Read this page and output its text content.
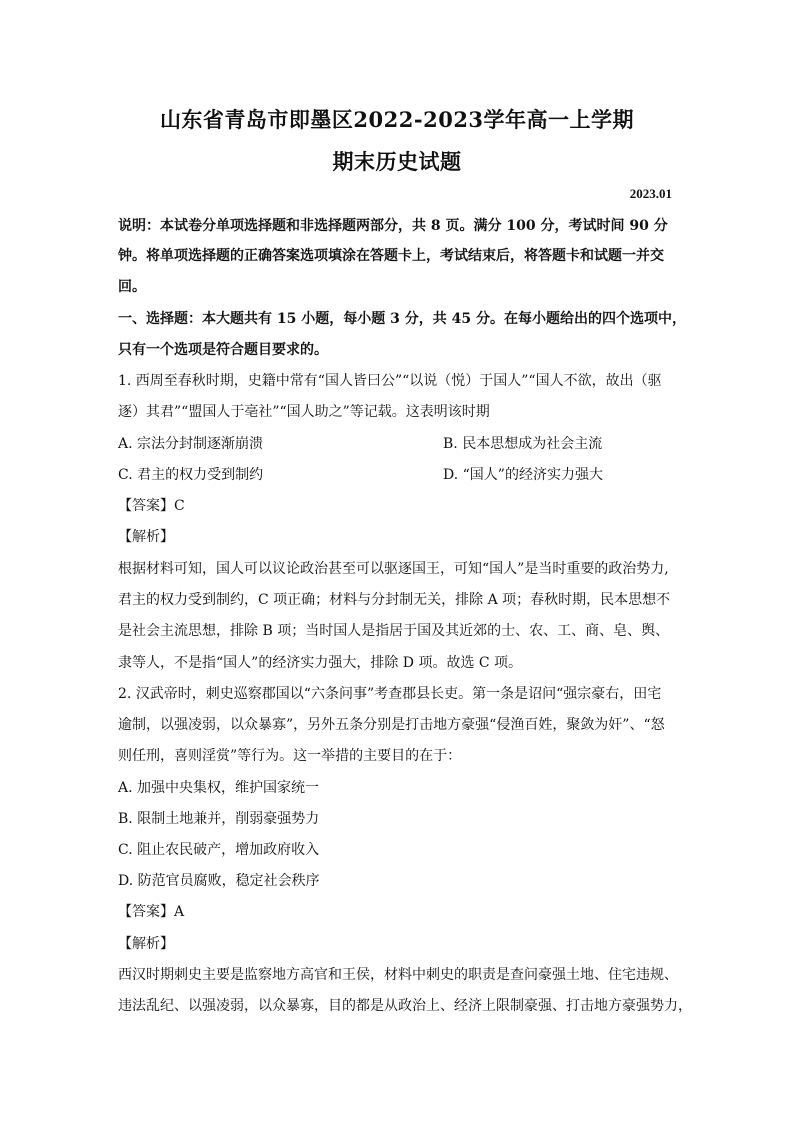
山东省青岛市即墨区2022-2023学年高一上学期
期末历史试题
2023.01
说明：本试卷分单项选择题和非选择题两部分，共 8 页。满分 100 分，考试时间 90 分
钟。将单项选择题的正确答案选项填涂在答题卡上，考试结束后，将答题卡和试题一并交
回。
一、选择题：本大题共有 15 小题，每小题 3 分，共 45 分。在每小题给出的四个选项中，
只有一个选项是符合题目要求的。
1. 西周至春秋时期，史籍中常有“国人皆曰公”“以说（悦）于国人”“国人不欲，故出（驱
逐）其君”“盟国人于亳社”“国人助之”等记载。这表明该时期
A. 宗法分封制逐渐崩溃	B. 民本思想成为社会主流
C. 君主的权力受到制约	D. “国人”的经济实力强大
【答案】C
【解析】
根据材料可知，国人可以议论政治甚至可以驱逐国王，可知“国人”是当时重要的政治势力,
君主的权力受到制约，C 项正确；材料与分封制无关，排除 A 项；春秋时期，民本思想不
是社会主流思想，排除 B 项；当时国人是指居于国及其近郊的士、农、工、商、皂、舆、
隶等人，不是指“国人”的经济实力强大，排除 D 项。故选 C 项。
2. 汉武帝时，刺史巡察郡国以“六条问事”考查郡县长吏。第一条是诏问“强宗豪右，田宅
逾制，以强凌弱，以众暴寡”，另外五条分别是打击地方豪强“侵渔百姓，聚敛为奸”、“怒
则任刑，喜则淫赏”等行为。这一举措的主要目的在于：
A. 加强中央集权，维护国家统一
B. 限制土地兼并，削弱豪强势力
C. 阻止农民破产，增加政府收入
D. 防范官员腐败，稳定社会秩序
【答案】A
【解析】
西汉时期刺史主要是监察地方高官和王侯，材料中刺史的职责是查问豪强土地、住宅违规、
违法乱纪、以强凌弱，以众暴寡，目的都是从政治上、经济上限制豪强、打击地方豪强势力，
